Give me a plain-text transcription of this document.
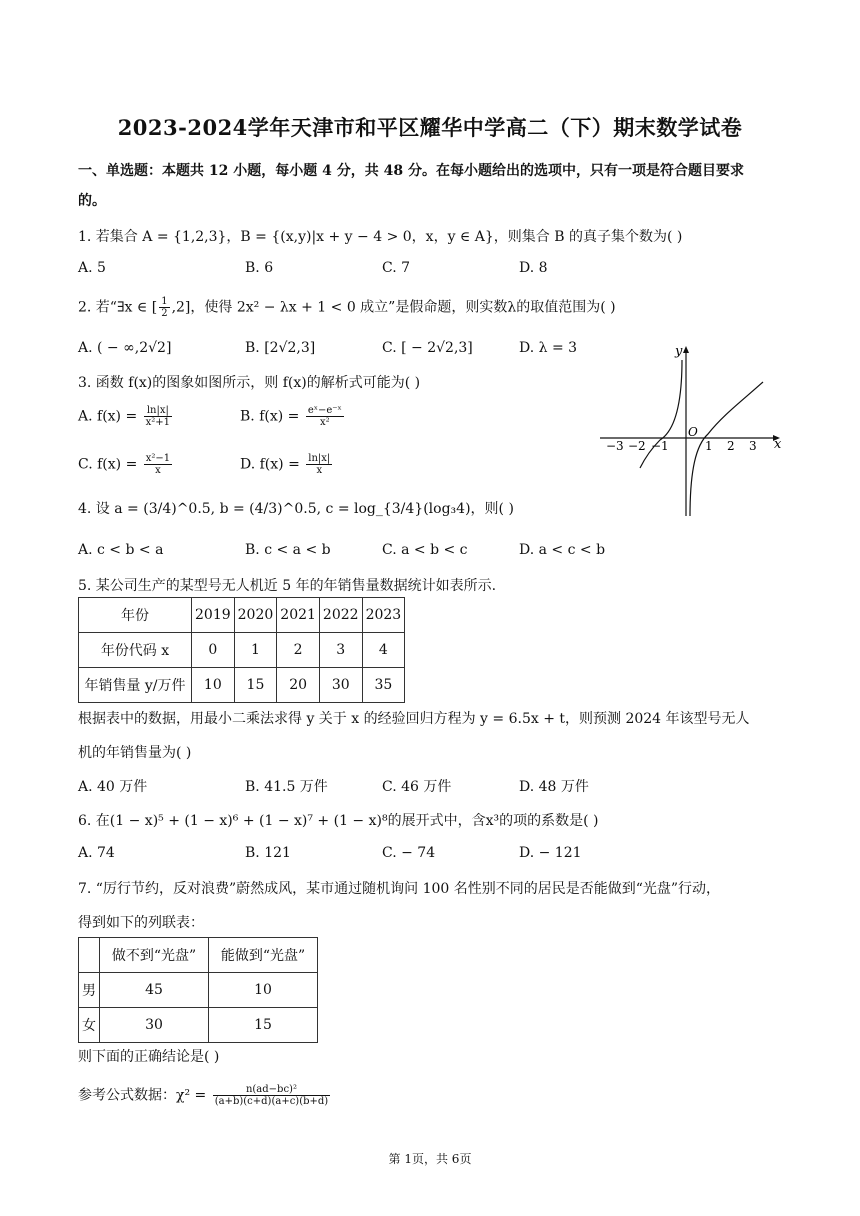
2023-2024学年天津市和平区耀华中学高二（下）期末数学试卷
一、单选题：本题共 12 小题，每小题 4 分，共 48 分。在每小题给出的选项中，只有一项是符合题目要求
的。
1. 若集合 A = {1,2,3}，B = {(x,y)|x + y − 4 > 0，x，y ∈ A}，则集合 B 的真子集个数为( )
A. 5	B. 6	C. 7	D. 8
2. 若“∃x ∈ [ $\frac{1}{2} ,2$]，使得 2x² − λx + 1 < 0 成立”是假命题，则实数λ的取值范围为( )
A. ( − ∞,2√2]	B. [2√2,3]	C. [ − 2√2,3]	D. λ = 3
3. 函数 f(x)的图象如图所示，则 f(x)的解析式可能为( )
A. $f(x) = \frac{\ln|x|}{\text{x²+1}}$	B. $f(x) = \frac{\text{eˣ−e⁻ˣ}}{\text{x²}}$
C. $f(x) = \frac{\text{x²−1}}{x}$	D. $f(x) = \frac{\ln|x|}{x}$
y
x
O
−3 −2 −1	1 2 3
4. 设 a = (3/4)^0.5, b = (4/3)^0.5, c = log_{3/4}(log₃4)，则( )
A. c < b < a	B. c < a < b	C. a < b < c	D. a < c < b
5. 某公司生产的某型号无人机近 5 年的年销售量数据统计如表所示.
年份	2019	2020	2021	2022	2023
年份代码 x	0	1	2	3	4
年销售量 y/万件	10	15	20	30	35
根据表中的数据，用最小二乘法求得 y 关于 x 的经验回归方程为 y = 6.5x + t，则预测 2024 年该型号无人
机的年销售量为( )
A. 40 万件	B. 41.5 万件	C. 46 万件	D. 48 万件
6. 在(1 − x)⁵ + (1 − x)⁶ + (1 − x)⁷ + (1 − x)⁸的展开式中，含x³的项的系数是( )
A. 74	B. 121	C. − 74	D. − 121
7. “厉行节约，反对浪费”蔚然成风，某市通过随机询问 100 名性别不同的居民是否能做到“光盘”行动，
得到如下的列联表：
	做不到“光盘”	能做到“光盘”
男	45	10
女	30	15
则下面的正确结论是( )
参考公式数据：$\chi^2 = \frac{\text{n(ad−bc)²}}{(a+b)(c+d)(a+c)(b+d)}$
第 1页，共 6页
